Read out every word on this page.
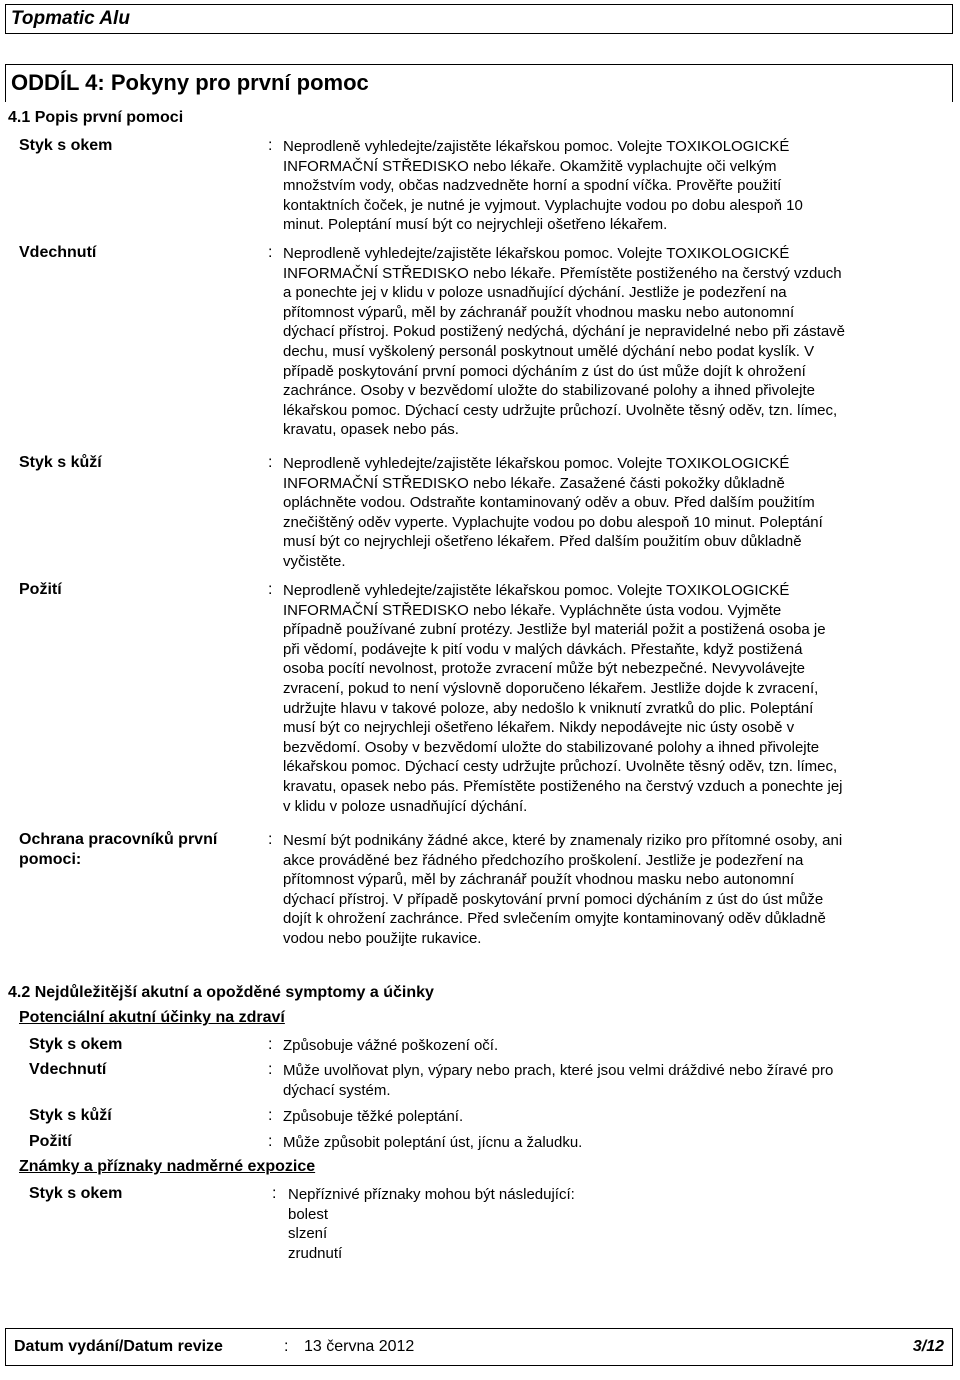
Topmatic Alu
ODDÍL 4: Pokyny pro první pomoc
4.1 Popis první pomoci
Styk s okem	: Neprodleně vyhledejte/zajistěte lékařskou pomoc. Volejte TOXIKOLOGICKÉ
INFORMAČNÍ STŘEDISKO nebo lékaře. Okamžitě vyplachujte oči velkým
množstvím vody, občas nadzvedněte horní a spodní víčka. Prověřte použití
kontaktních čoček, je nutné je vyjmout. Vyplachujte vodou po dobu alespoň 10
minut. Poleptání musí být co nejrychleji ošetřeno lékařem.
Vdechnutí	: Neprodleně vyhledejte/zajistěte lékařskou pomoc. Volejte TOXIKOLOGICKÉ
INFORMAČNÍ STŘEDISKO nebo lékaře. Přemístěte postiženého na čerstvý vzduch
a ponechte jej v klidu v poloze usnadňující dýchání. Jestliže je podezření na
přítomnost výparů, měl by záchranář použít vhodnou masku nebo autonomní
dýchací přístroj. Pokud postižený nedýchá, dýchání je nepravidelné nebo při zástavě
dechu, musí vyškolený personál poskytnout umělé dýchání nebo podat kyslík. V
případě poskytování první pomoci dýcháním z úst do úst může dojít k ohrožení
zachránce. Osoby v bezvědomí uložte do stabilizované polohy a ihned přivolejte
lékařskou pomoc. Dýchací cesty udržujte průchozí. Uvolněte těsný oděv, tzn. límec,
kravatu, opasek nebo pás.
Styk s kůží	: Neprodleně vyhledejte/zajistěte lékařskou pomoc. Volejte TOXIKOLOGICKÉ
INFORMAČNÍ STŘEDISKO nebo lékaře. Zasažené části pokožky důkladně
opláchněte vodou. Odstraňte kontaminovaný oděv a obuv. Před dalším použitím
znečištěný oděv vyperte. Vyplachujte vodou po dobu alespoň 10 minut. Poleptání
musí být co nejrychleji ošetřeno lékařem. Před dalším použitím obuv důkladně
vyčistěte.
Požití	: Neprodleně vyhledejte/zajistěte lékařskou pomoc. Volejte TOXIKOLOGICKÉ
INFORMAČNÍ STŘEDISKO nebo lékaře. Vypláchněte ústa vodou. Vyjměte
případně používané zubní protézy. Jestliže byl materiál požit a postižená osoba je
při vědomí, podávejte k pití vodu v malých dávkách. Přestaňte, když postižená
osoba pocítí nevolnost, protože zvracení může být nebezpečné. Nevyvolávejte
zvracení, pokud to není výslovně doporučeno lékařem. Jestliže dojde k zvracení,
udržujte hlavu v takové poloze, aby nedošlo k vniknutí zvratků do plic. Poleptání
musí být co nejrychleji ošetřeno lékařem. Nikdy nepodávejte nic ústy osobě v
bezvědomí. Osoby v bezvědomí uložte do stabilizované polohy a ihned přivolejte
lékařskou pomoc. Dýchací cesty udržujte průchozí. Uvolněte těsný oděv, tzn. límec,
kravatu, opasek nebo pás. Přemístěte postiženého na čerstvý vzduch a ponechte jej
v klidu v poloze usnadňující dýchání.
Ochrana pracovníků první
pomoci:
: Nesmí být podnikány žádné akce, které by znamenaly riziko pro přítomné osoby, ani
akce prováděné bez řádného předchozího proškolení. Jestliže je podezření na
přítomnost výparů, měl by záchranář použít vhodnou masku nebo autonomní
dýchací přístroj. V případě poskytování první pomoci dýcháním z úst do úst může
dojít k ohrožení zachránce. Před svlečením omyjte kontaminovaný oděv důkladně
vodou nebo použijte rukavice.
4.2 Nejdůležitější akutní a opožděné symptomy a účinky
Potenciální akutní účinky na zdraví
Styk s okem	: Způsobuje vážné poškození očí.
Vdechnutí	: Může uvolňovat plyn, výpary nebo prach, které jsou velmi dráždivé nebo žíravé pro
dýchací systém.
Styk s kůží	: Způsobuje těžké poleptání.
Požití	: Může způsobit poleptání úst, jícnu a žaludku.
Známky a příznaky nadměrné expozice
Styk s okem	: Nepříznivé příznaky mohou být následující:
bolest
slzení
zrudnutí
Datum vydání/Datum revize	: 13 června 2012	3/12
